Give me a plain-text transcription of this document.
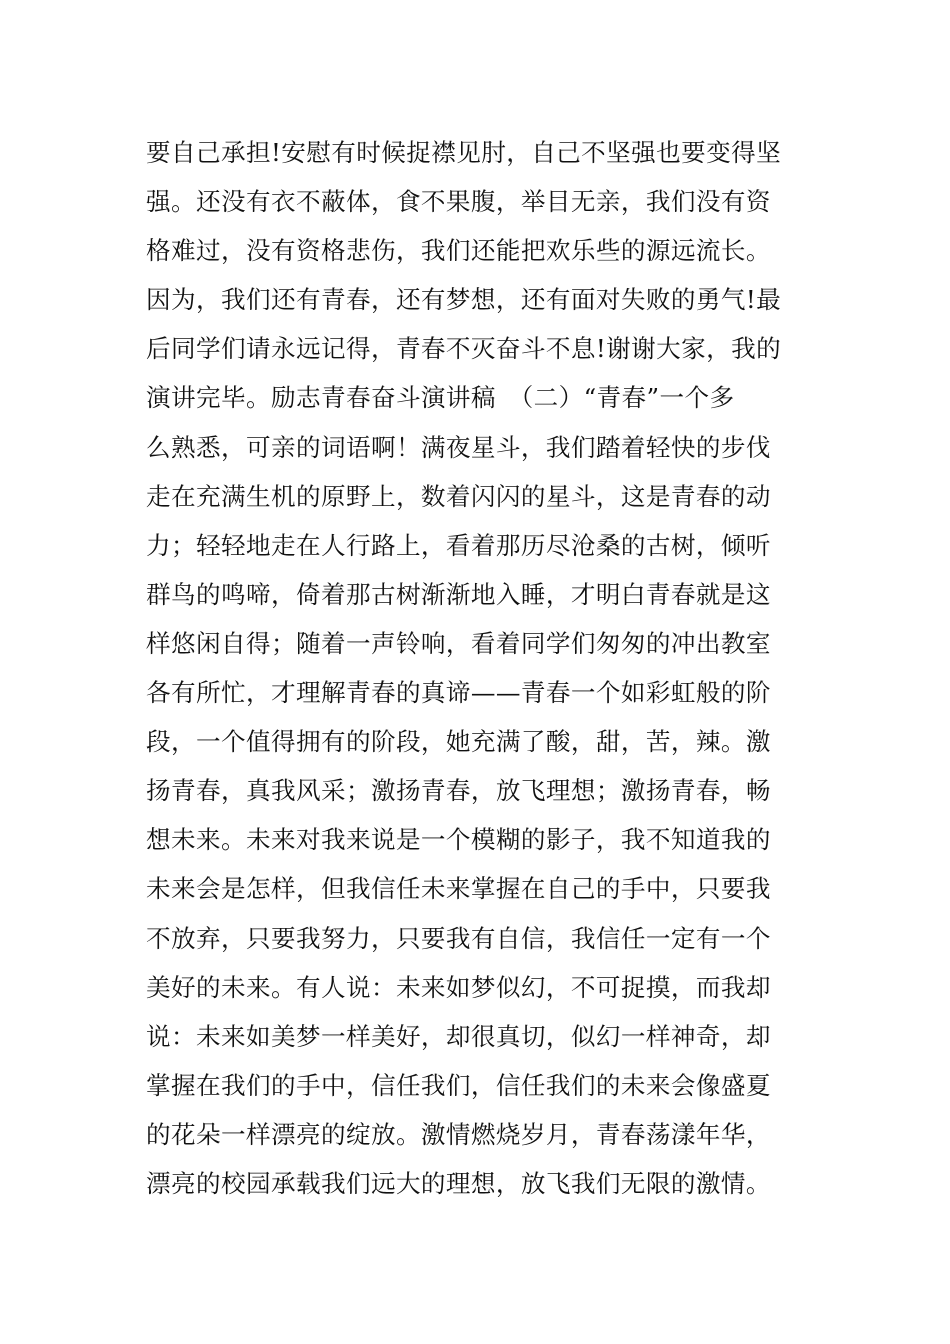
要自己承担!安慰有时候捉襟见肘，自己不坚强也要变得坚
强。还没有衣不蔽体，食不果腹，举目无亲，我们没有资
格难过，没有资格悲伤，我们还能把欢乐些的源远流长。
因为，我们还有青春，还有梦想，还有面对失败的勇气!最
后同学们请永远记得，青春不灭奋斗不息!谢谢大家，我的
演讲完毕。励志青春奋斗演讲稿　（二）“青春”一个多
么熟悉，可亲的词语啊！满夜星斗，我们踏着轻快的步伐
走在充满生机的原野上，数着闪闪的星斗，这是青春的动
力；轻轻地走在人行路上，看着那历尽沧桑的古树，倾听
群鸟的鸣啼，倚着那古树渐渐地入睡，才明白青春就是这
样悠闲自得；随着一声铃响，看着同学们匆匆的冲出教室
各有所忙，才理解青春的真谛——青春一个如彩虹般的阶
段，一个值得拥有的阶段，她充满了酸，甜，苦，辣。激
扬青春，真我风采；激扬青春，放飞理想；激扬青春，畅
想未来。未来对我来说是一个模糊的影子，我不知道我的
未来会是怎样，但我信任未来掌握在自己的手中，只要我
不放弃，只要我努力，只要我有自信，我信任一定有一个
美好的未来。有人说：未来如梦似幻，不可捉摸，而我却
说：未来如美梦一样美好，却很真切，似幻一样神奇，却
掌握在我们的手中，信任我们，信任我们的未来会像盛夏
的花朵一样漂亮的绽放。激情燃烧岁月，青春荡漾年华，
漂亮的校园承载我们远大的理想，放飞我们无限的激情。
